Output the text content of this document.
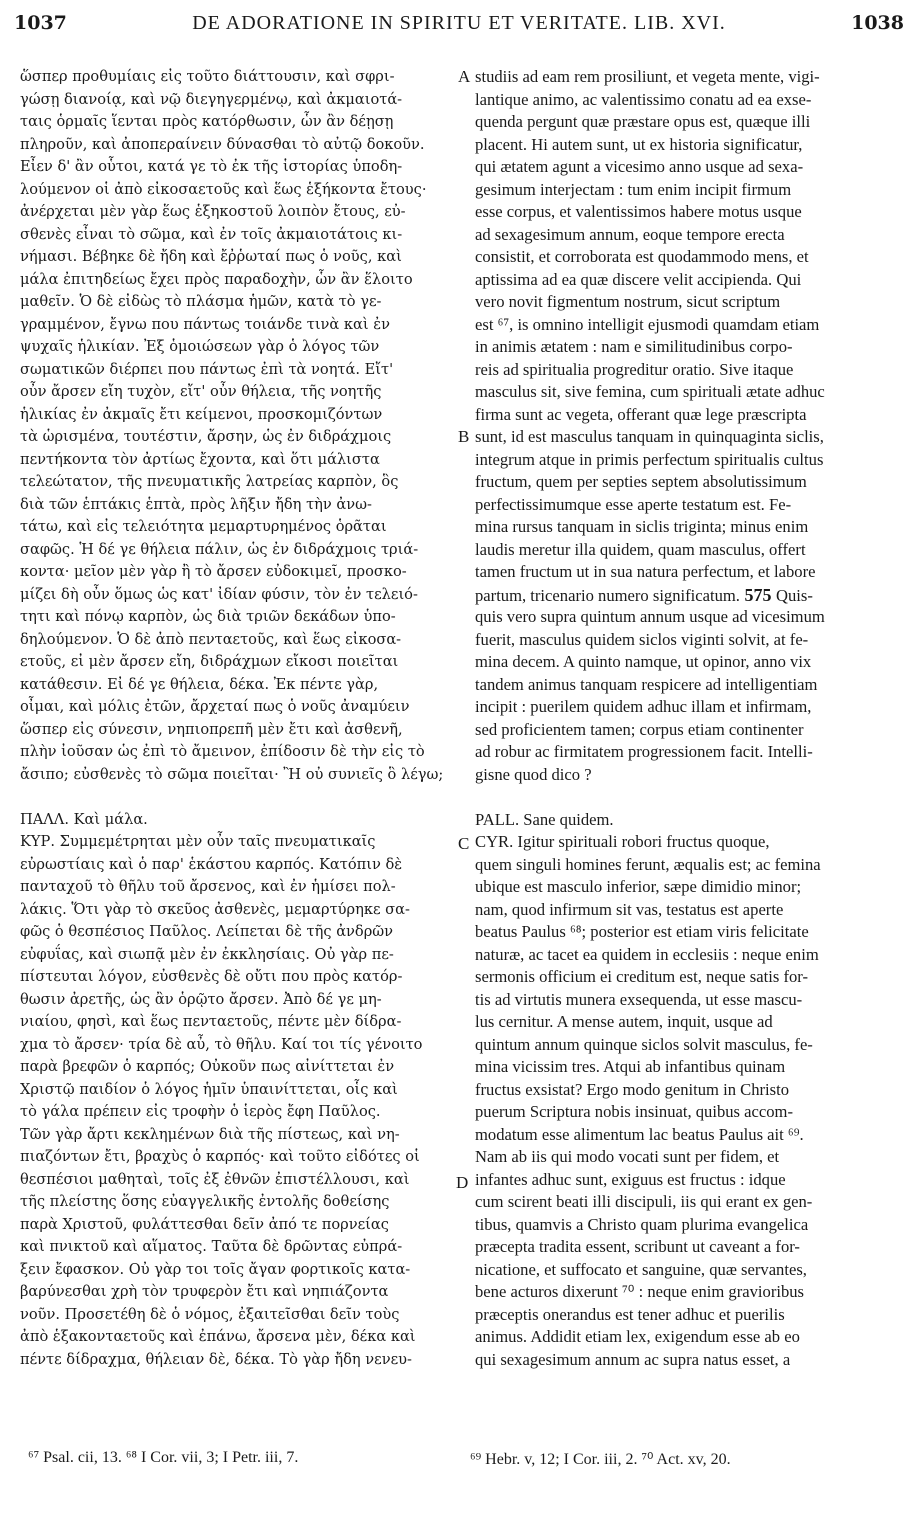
1037	DE ADORATIONE IN SPIRITU ET VERITATE. LIB. XVI.	1038
ὥσπερ προθυμίαις εἰς τοῦτο διάττουσιν, καὶ σφρι-
γώσῃ διανοίᾳ, καὶ νῷ διεγηγερμένῳ, καὶ ἀκμαιοτά-
ταις ὁρμαῖς ἵενται πρὸς κατόρθωσιν, ὧν ἂν δέῃσῃ
πληροῦν, καὶ ἀποπεραίνειν δύνασθαι τὸ αὐτῷ δοκοῦν.
Εἶεν δ' ἂν οὗτοι, κατά γε τὸ ἐκ τῆς ἱστορίας ὑποδη-
λούμενον οἱ ἀπὸ εἰκοσαετοῦς καὶ ἕως ἑξήκοντα ἔτους·
ἀνέρχεται μὲν γὰρ ἕως ἑξηκοστοῦ λοιπὸν ἔτους, εὐ-
σθενὲς εἶναι τὸ σῶμα, καὶ ἐν τοῖς ἀκμαιοτάτοις κι-
νήμασι. Βέβηκε δὲ ἤδη καὶ ἔῤῥωταί πως ὁ νοῦς, καὶ
μάλα ἐπιτηδείως ἔχει πρὸς παραδοχὴν, ὧν ἂν ἕλοιτο
μαθεῖν. Ὁ δὲ εἰδὼς τὸ πλάσμα ἡμῶν, κατὰ τὸ γε-
γραμμένον, ἔγνω που πάντως τοιάνδε τινὰ καὶ ἐν
ψυχαῖς ἡλικίαν. Ἐξ ὁμοιώσεων γὰρ ὁ λόγος τῶν
σωματικῶν διέρπει που πάντως ἐπὶ τὰ νοητά. Εἴτ'
οὖν ἄρσεν εἴη τυχὸν, εἴτ' οὖν θήλεια, τῆς νοητῆς
ἡλικίας ἐν ἀκμαῖς ἔτι κείμενοι, προσκομιζόντων
τὰ ὡρισμένα, τουτέστιν, ἄρσην, ὡς ἐν διδράχμοις
πεντήκοντα τὸν ἀρτίως ἔχοντα, καὶ ὅτι μάλιστα
τελεώτατον, τῆς πνευματικῆς λατρείας καρπὸν, ὃς
διὰ τῶν ἑπτάκις ἑπτὰ, πρὸς λῆξιν ἤδη τὴν ἀνω-
τάτω, καὶ εἰς τελειότητα μεμαρτυρημένος ὁρᾶται
σαφῶς. Ἡ δέ γε θήλεια πάλιν, ὡς ἐν διδράχμοις τριά-
κοντα· μεῖον μὲν γὰρ ἢ τὸ ἄρσεν εὐδοκιμεῖ, προσκο-
μίζει δὴ οὖν ὅμως ὡς κατ' ἰδίαν φύσιν, τὸν ἐν τελειό-
τητι καὶ πόνῳ καρπὸν, ὡς διὰ τριῶν δεκάδων ὑπο-
δηλούμενον. Ὁ δὲ ἀπὸ πενταετοῦς, καὶ ἕως εἰκοσα-
ετοῦς, εἰ μὲν ἄρσεν εἴη, διδράχμων εἴκοσι ποιεῖται
κατάθεσιν. Εἰ δέ γε θήλεια, δέκα. Ἐκ πέντε γὰρ,
οἶμαι, καὶ μόλις ἐτῶν, ἄρχεταί πως ὁ νοῦς ἀναμύειν
ὥσπερ εἰς σύνεσιν, νηπιοπρεπῆ μὲν ἔτι καὶ ἀσθενῆ,
πλὴν ἰοῦσαν ὡς ἐπὶ τὸ ἄμεινον, ἐπίδοσιν δὲ τὴν εἰς τὸ
ἄσιπο; εὐσθενὲς τὸ σῶμα ποιεῖται· Ἢ οὐ συνιεῖς ὃ λέγω;
ΠΑΛΛ. Καὶ μάλα.
ΚΥΡ. Συμμεμέτρηται μὲν οὖν ταῖς πνευματικαῖς
εὐρωστίαις καὶ ὁ παρ' ἑκάστου καρπός. Κατόπιν δὲ
πανταχοῦ τὸ θῆλυ τοῦ ἄρσενος, καὶ ἐν ἡμίσει πολ-
λάκις. Ὅτι γὰρ τὸ σκεῦος ἀσθενὲς, μεμαρτύρηκε σα-
φῶς ὁ θεσπέσιος Παῦλος. Λείπεται δὲ τῆς ἀνδρῶν
εὐφυΐας, καὶ σιωπᾷ μὲν ἐν ἐκκλησίαις. Οὐ γὰρ πε-
πίστευται λόγον, εὐσθενὲς δὲ οὔτι που πρὸς κατόρ-
θωσιν ἀρετῆς, ὡς ἂν ὁρῷτο ἄρσεν. Ἀπὸ δέ γε μη-
νιαίου, φησὶ, καὶ ἕως πενταετοῦς, πέντε μὲν δίδρα-
χμα τὸ ἄρσεν· τρία δὲ αὖ, τὸ θῆλυ. Καί τοι τίς γένοιτο
παρὰ βρεφῶν ὁ καρπός; Οὐκοῦν πως αἰνίττεται ἐν
Χριστῷ παιδίον ὁ λόγος ἡμῖν ὑπαινίττεται, οἷς καὶ
τὸ γάλα πρέπειν εἰς τροφὴν ὁ ἱερὸς ἔφη Παῦλος.
Τῶν γὰρ ἄρτι κεκλημένων διὰ τῆς πίστεως, καὶ νη-
πιαζόντων ἔτι, βραχὺς ὁ καρπός· καὶ τοῦτο εἰδότες οἱ
θεσπέσιοι μαθηταὶ, τοῖς ἐξ ἐθνῶν ἐπιστέλλουσι, καὶ
τῆς πλείστης ὅσης εὐαγγελικῆς ἐντολῆς δοθείσης
παρὰ Χριστοῦ, φυλάττεσθαι δεῖν ἀπό τε πορνείας
καὶ πνικτοῦ καὶ αἵματος. Ταῦτα δὲ δρῶντας εὐπρά-
ξειν ἔφασκον. Οὐ γὰρ τοι τοῖς ἄγαν φορτικοῖς κατα-
βαρύνεσθαι χρὴ τὸν τρυφερὸν ἔτι καὶ νηπιάζοντα
νοῦν. Προσετέθη δὲ ὁ νόμος, ἐξαιτεῖσθαι δεῖν τοὺς
ἀπὸ ἑξακονταετοῦς καὶ ἐπάνω, ἄρσενα μὲν, δέκα καὶ
πέντε δίδραχμα, θήλειαν δὲ, δέκα. Τὸ γὰρ ἤδη νενευ-
studiis ad eam rem prosiliunt, et vegeta mente, vigi-
lantique animo, ac valentissimo conatu ad ea exse-
quenda pergunt quæ præstare opus est, quæque illi
placent. Hi autem sunt, ut ex historia significatur,
qui ætatem agunt a vicesimo anno usque ad sexa-
gesimum interjectam : tum enim incipit firmum
esse corpus, et valentissimos habere motus usque
ad sexagesimum annum, eoque tempore erecta
consistit, et corroborata est quodammodo mens, et
aptissima ad ea quæ discere velit accipienda. Qui
vero novit figmentum nostrum, sicut scriptum
est ⁶⁷, is omnino intelligit ejusmodi quamdam etiam
in animis ætatem : nam e similitudinibus corpo-
reis ad spiritualia progreditur oratio. Sive itaque
masculus sit, sive femina, cum spirituali ætate adhuc
firma sunt ac vegeta, offerant quæ lege præscripta
sunt, id est masculus tanquam in quinquaginta siclis,
integrum atque in primis perfectum spiritualis cultus
fructum, quem per septies septem absolutissimum
perfectissimumque esse aperte testatum est. Fe-
mina rursus tanquam in siclis triginta; minus enim
laudis meretur illa quidem, quam masculus, offert
tamen fructum ut in sua natura perfectum, et labore
partum, tricenario numero significatum. 575 Quis-
quis vero supra quintum annum usque ad vicesimum
fuerit, masculus quidem siclos viginti solvit, at fe-
mina decem. A quinto namque, ut opinor, anno vix
tandem animus tanquam respicere ad intelligentiam
incipit : puerilem quidem adhuc illam et infirmam,
sed proficientem tamen; corpus etiam continenter
ad robur ac firmitatem progressionem facit. Intelli-
gisne quod dico ?
PALL. Sane quidem.
CYR. Igitur spirituali robori fructus quoque,
quem singuli homines ferunt, æqualis est; ac femina
ubique est masculo inferior, sæpe dimidio minor;
nam, quod infirmum sit vas, testatus est aperte
beatus Paulus ⁶⁸; posterior est etiam viris felicitate
naturæ, ac tacet ea quidem in ecclesiis : neque enim
sermonis officium ei creditum est, neque satis for-
tis ad virtutis munera exsequenda, ut esse mascu-
lus cernitur. A mense autem, inquit, usque ad
quintum annum quinque siclos solvit masculus, fe-
mina vicissim tres. Atqui ab infantibus quinam
fructus exsistat? Ergo modo genitum in Christo
puerum Scriptura nobis insinuat, quibus accom-
modatum esse alimentum lac beatus Paulus ait ⁶⁹.
Nam ab iis qui modo vocati sunt per fidem, et
infantes adhuc sunt, exiguus est fructus : idque
cum scirent beati illi discipuli, iis qui erant ex gen-
tibus, quamvis a Christo quam plurima evangelica
præcepta tradita essent, scribunt ut caveant a for-
nicatione, et suffocato et sanguine, quæ servantes,
bene acturos dixerunt ⁷⁰ : neque enim gravioribus
præceptis onerandus est tener adhuc et puerilis
animus. Addidit etiam lex, exigendum esse ab eo
qui sexagesimum annum ac supra natus esset, a
A
B
C
D
⁶⁷ Psal. cii, 13. ⁶⁸ I Cor. vii, 3; I Petr. iii, 7.	⁶⁹ Hebr. v, 12; I Cor. iii, 2. ⁷⁰ Act. xv, 20.
